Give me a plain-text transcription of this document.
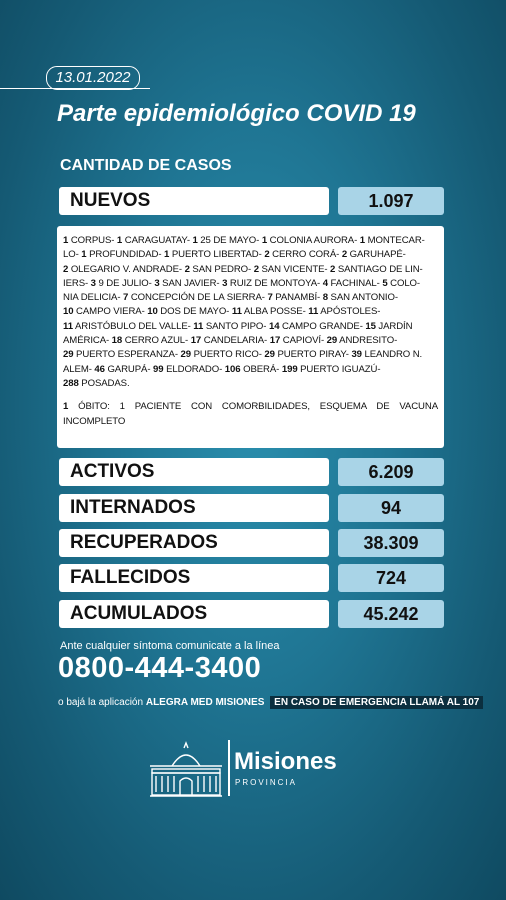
13.01.2022
Parte epidemiológico COVID 19
CANTIDAD DE CASOS
NUEVOS	1.097

1 CORPUS- 1 CARAGUATAY- 1 25 DE MAYO- 1 COLONIA AURORA- 1 MONTECAR-
LO- 1 PROFUNDIDAD- 1 PUERTO LIBERTAD- 2 CERRO CORÁ- 2 GARUHAPÉ-
2 OLEGARIO V. ANDRADE- 2 SAN PEDRO- 2 SAN VICENTE- 2 SANTIAGO DE LIN-
IERS- 3 9 DE JULIO- 3 SAN JAVIER- 3 RUIZ DE MONTOYA- 4 FACHINAL- 5 COLO-
NIA DELICIA- 7 CONCEPCIÓN DE LA SIERRA- 7 PANAMBÍ- 8 SAN ANTONIO-
10 CAMPO VIERA- 10 DOS DE MAYO- 11 ALBA POSSE- 11 APÓSTOLES-
11 ARISTÓBULO DEL VALLE- 11 SANTO PIPO- 14 CAMPO GRANDE- 15 JARDÍN
AMÉRICA- 18 CERRO AZUL- 17 CANDELARIA- 17 CAPIOVÍ- 29 ANDRESITO-
29 PUERTO ESPERANZA- 29 PUERTO RICO- 29 PUERTO PIRAY- 39 LEANDRO N.
ALEM- 46 GARUPÁ- 99 ELDORADO- 106 OBERÁ- 199 PUERTO IGUAZÚ-
288 POSADAS.

1 ÓBITO: 1 PACIENTE CON COMORBILIDADES, ESQUEMA DE VACUNA INCOMPLETO

ACTIVOS	6.209
INTERNADOS	94
RECUPERADOS	38.309
FALLECIDOS	724
ACUMULADOS	45.242
Ante cualquier síntoma comunicate a la línea
0800-444-3400
o bajá la aplicación ALEGRA MED MISIONES EN CASO DE EMERGENCIA LLAMÁ AL 107
Misiones
PROVINCIA
